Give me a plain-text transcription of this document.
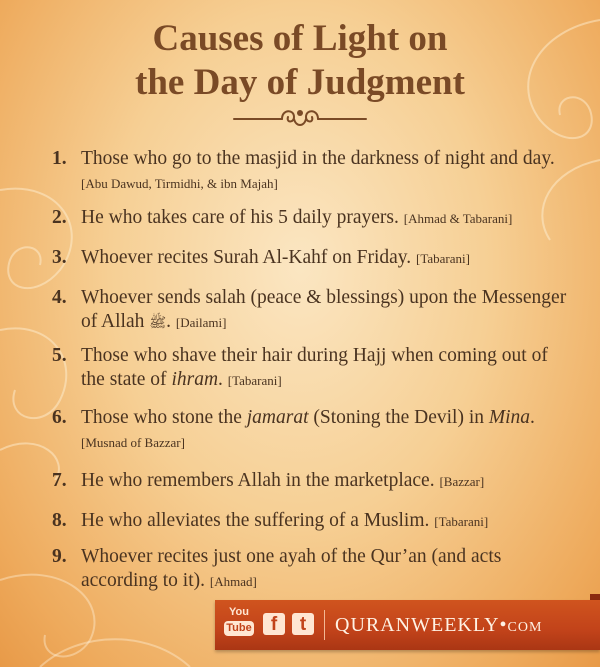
Causes of Light on
the Day of Judgment
1. Those who go to the masjid in the darkness of night and day. [Abu Dawud, Tirmidhi, & ibn Majah]
2. He who takes care of his 5 daily prayers. [Ahmad & Tabarani]
3. Whoever recites Surah Al-Kahf on Friday. [Tabarani]
4. Whoever sends salah (peace & blessings) upon the Messenger of Allah ﷺ. [Dailami]
5. Those who shave their hair during Hajj when coming out of the state of ihram. [Tabarani]
6. Those who stone the jamarat (Stoning the Devil) in Mina. [Musnad of Bazzar]
7. He who remembers Allah in the marketplace. [Bazzar]
8. He who alleviates the suffering of a Muslim. [Tabarani]
9. Whoever recites just one ayah of the Qur’an (and acts according to it). [Ahmad]
You
Tube	f	t	QURANWEEKLY•COM
